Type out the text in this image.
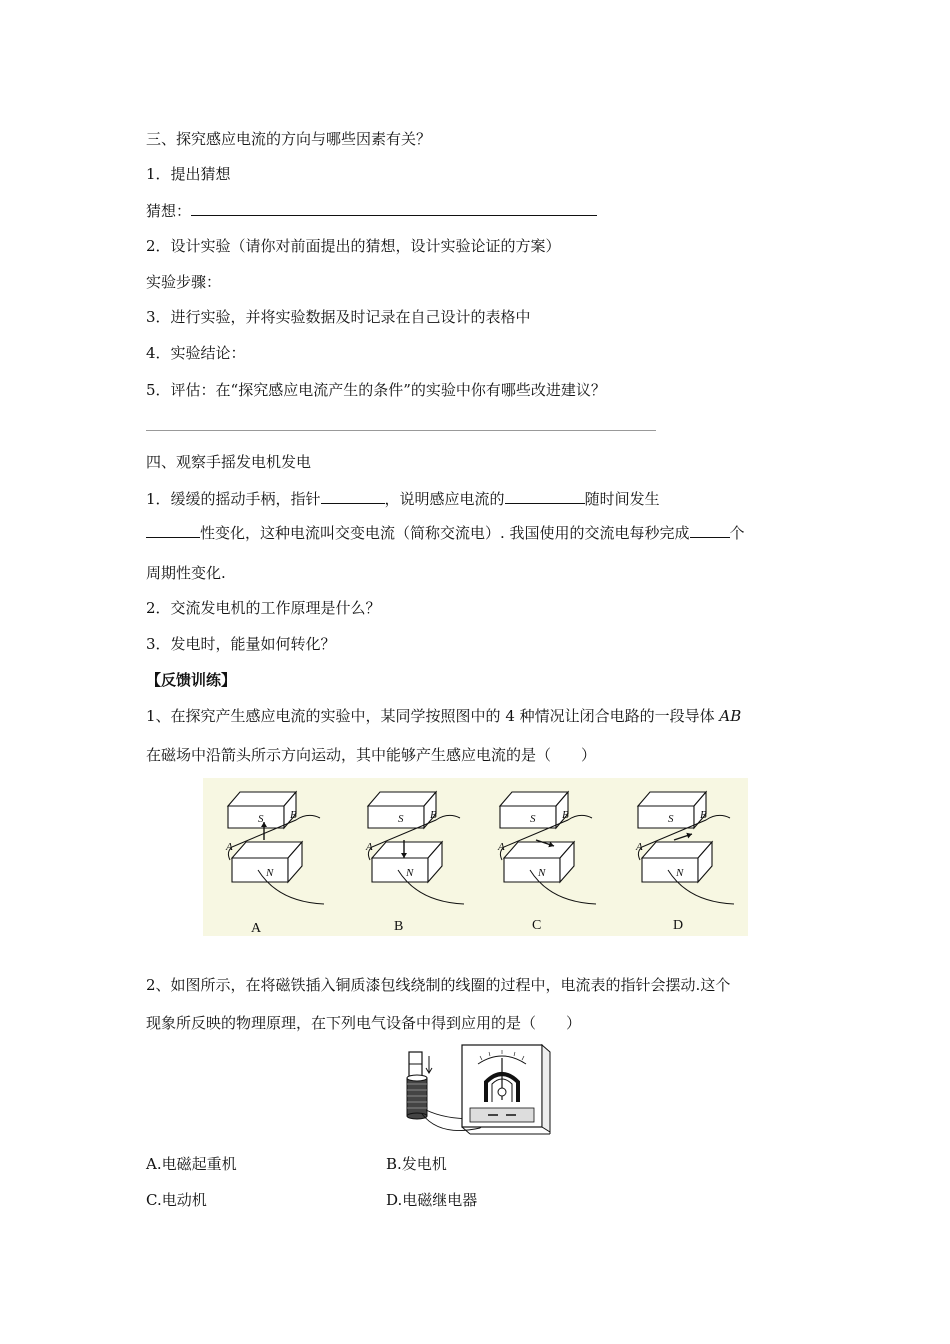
三、探究感应电流的方向与哪些因素有关？
1．提出猜想
猜想：
2．设计实验（请你对前面提出的猜想，设计实验论证的方案）
实验步骤：
3．进行实验，并将实验数据及时记录在自己设计的表格中
4．实验结论：
5．评估：在“探究感应电流产生的条件”的实验中你有哪些改进建议？
四、观察手摇发电机发电
1．缓缓的摇动手柄，指针	，说明感应电流的	随时间发生
性变化，这种电流叫交变电流（简称交流电）. 我国使用的交流电每秒完成	个
周期性变化.
2．交流发电机的工作原理是什么？
3．发电时，能量如何转化？
【反馈训练】
1、在探究产生感应电流的实验中，某同学按照图中的 4 种情况让闭合电路的一段导体 AB
在磁场中沿箭头所示方向运动，其中能够产生感应电流的是（　　）
S
A
B
N
S
A
B
N
S
A
B
N
S
A
B
N
A	B	C	D
2、如图所示，在将磁铁插入铜质漆包线绕制的线圈的过程中，电流表的指针会摆动.这个
现象所反映的物理原理，在下列电气设备中得到应用的是（　　）
A.电磁起重机	B.发电机
C.电动机	D.电磁继电器
